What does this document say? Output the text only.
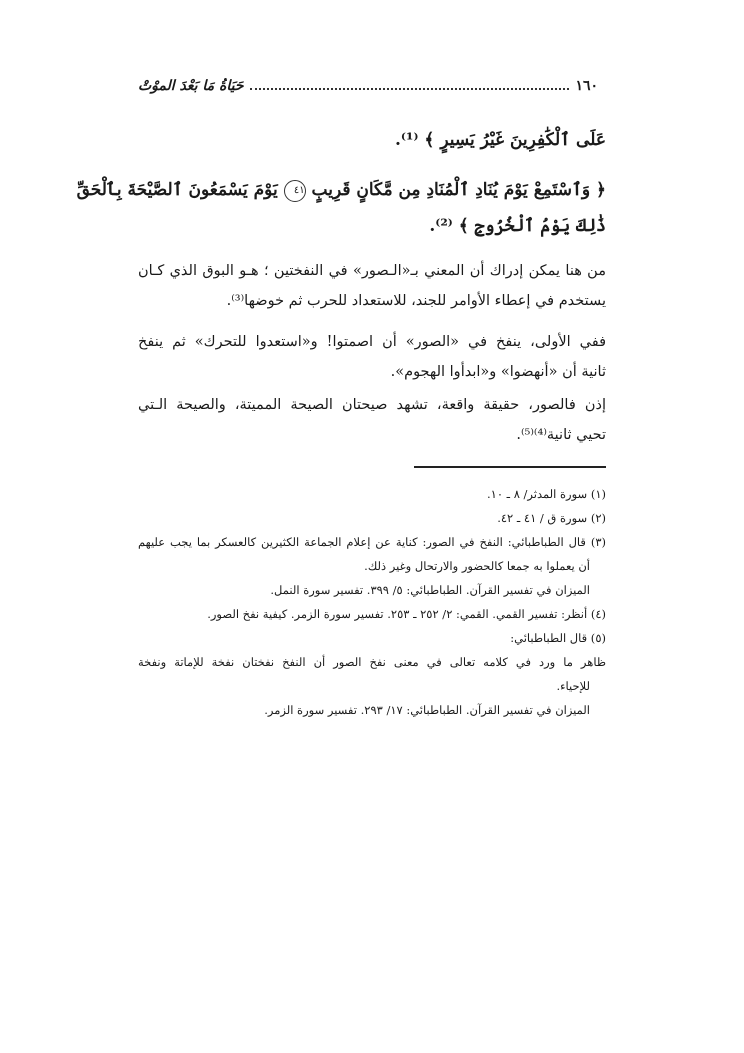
١٦٠
حَيَاةُ مَا بَعْدَ الموْتْ
عَلَى ٱلْكَٰفِرِينَ غَيْرُ يَسِيرٍ ﴾ ⁽¹⁾.
﴿ وَٱسْتَمِعْ يَوْمَ يُنَادِ ٱلْمُنَادِ مِن مَّكَانٍ قَرِيبٍ ٤١ يَوْمَ يَسْمَعُونَ ٱلصَّيْحَةَ بِٱلْحَقِّ
ذَٰلِكَ يَوْمُ ٱلْخُرُوجِ ﴾ ⁽²⁾.
من هنا يمكن إدراك أن المعني بـ«الـصور» في النفختين ؛ هـو البوق الذي كـان
يستخدم في إعطاء الأوامر للجند، للاستعداد للحرب ثم خوضها⁽³⁾.
ففي الأولى، ينفخ في «الصور» أن اصمتوا! و«استعدوا للتحرك» ثم ينفخ
ثانية أن «أنهضوا» و«ابدأوا الهجوم».
إذن فالصور، حقيقة واقعة، تشهد صيحتان الصيحة المميتة، والصيحة الـتي
تحيي ثانية⁽⁴⁾⁽⁵⁾.
(١) سورة المدثر/ ٨ ـ ١٠.
(٢) سورة ق / ٤١ ـ ٤٢.
(٣) قال الطباطبائي: النفخ في الصور: كناية عن إعلام الجماعة الكثيرين كالعسكر بما يجب عليهم
أن يعملوا به جمعا كالحضور والارتحال وغير ذلك.
الميزان في تفسير القرآن. الطباطبائي: ٥/ ٣٩٩. تفسير سورة النمل.
(٤) أنظر: تفسير القمي. القمي: ٢/ ٢٥٢ ـ ٢٥٣. تفسير سورة الزمر. كيفية نفخ الصور.
(٥) قال الطباطبائي:
ظاهر ما ورد في كلامه تعالى في معنى نفخ الصور أن النفخ نفختان نفخة للإماتة ونفخة
للإحياء.
الميزان في تفسير القرآن. الطباطبائي: ١٧/ ٢٩٣. تفسير سورة الزمر.
